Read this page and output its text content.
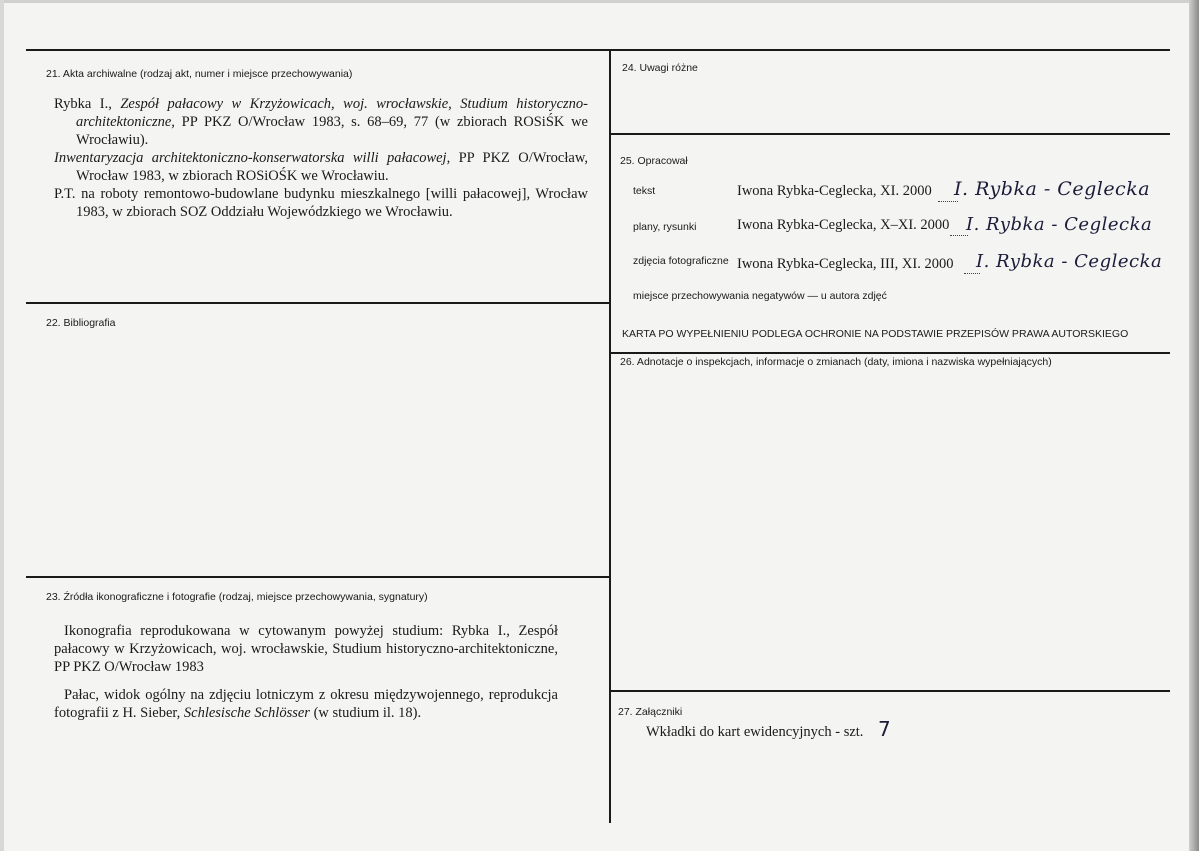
21. Akta archiwalne (rodzaj akt, numer i miejsce przechowywania)

Rybka I., Zespół pałacowy w Krzyżowicach, woj. wrocławskie, Studium historyczno-architektoniczne, PP PKZ O/Wrocław 1983, s. 68–69, 77 (w zbiorach ROSiŚK we Wrocławiu).

Inwentaryzacja architektoniczno-konserwatorska willi pałacowej, PP PKZ O/Wrocław, Wrocław 1983, w zbiorach ROSiOŚK we Wrocławiu.

P.T. na roboty remontowo-budowlane budynku mieszkalnego [willi pałacowej], Wrocław 1983, w zbiorach SOZ Oddziału Wojewódzkiego we Wrocławiu.

22. Bibliografia
23. Źródła ikonograficzne i fotografie (rodzaj, miejsce przechowywania, sygnatury)

Ikonografia reprodukowana w cytowanym powyżej studium: Rybka I., Zespół pałacowy w Krzyżowicach, woj. wrocławskie, Studium historyczno-architektoniczne, PP PKZ O/Wrocław 1983

Pałac, widok ogólny na zdjęciu lotniczym z okresu międzywojennego, reprodukcja fotografii z H. Sieber, Schlesische Schlösser (w studium il. 18).

24. Uwagi różne
25. Opracował
tekst	Iwona Rybka-Ceglecka, XI. 2000 I. Rybka - Ceglecka
plany, rysunki	Iwona Rybka-Ceglecka, X–XI. 2000 I. Rybka - Ceglecka
zdjęcia fotograficzne Iwona Rybka-Ceglecka, III, XI. 2000 I. Rybka - Ceglecka
miejsce przechowywania negatywów — u autora zdjęć
KARTA PO WYPEŁNIENIU PODLEGA OCHRONIE NA PODSTAWIE PRZEPISÓW PRAWA AUTORSKIEGO
26. Adnotacje o inspekcjach, informacje o zmianach (daty, imiona i nazwiska wypełniających)
27. Załączniki
Wkładki do kart ewidencyjnych - szt. 7
